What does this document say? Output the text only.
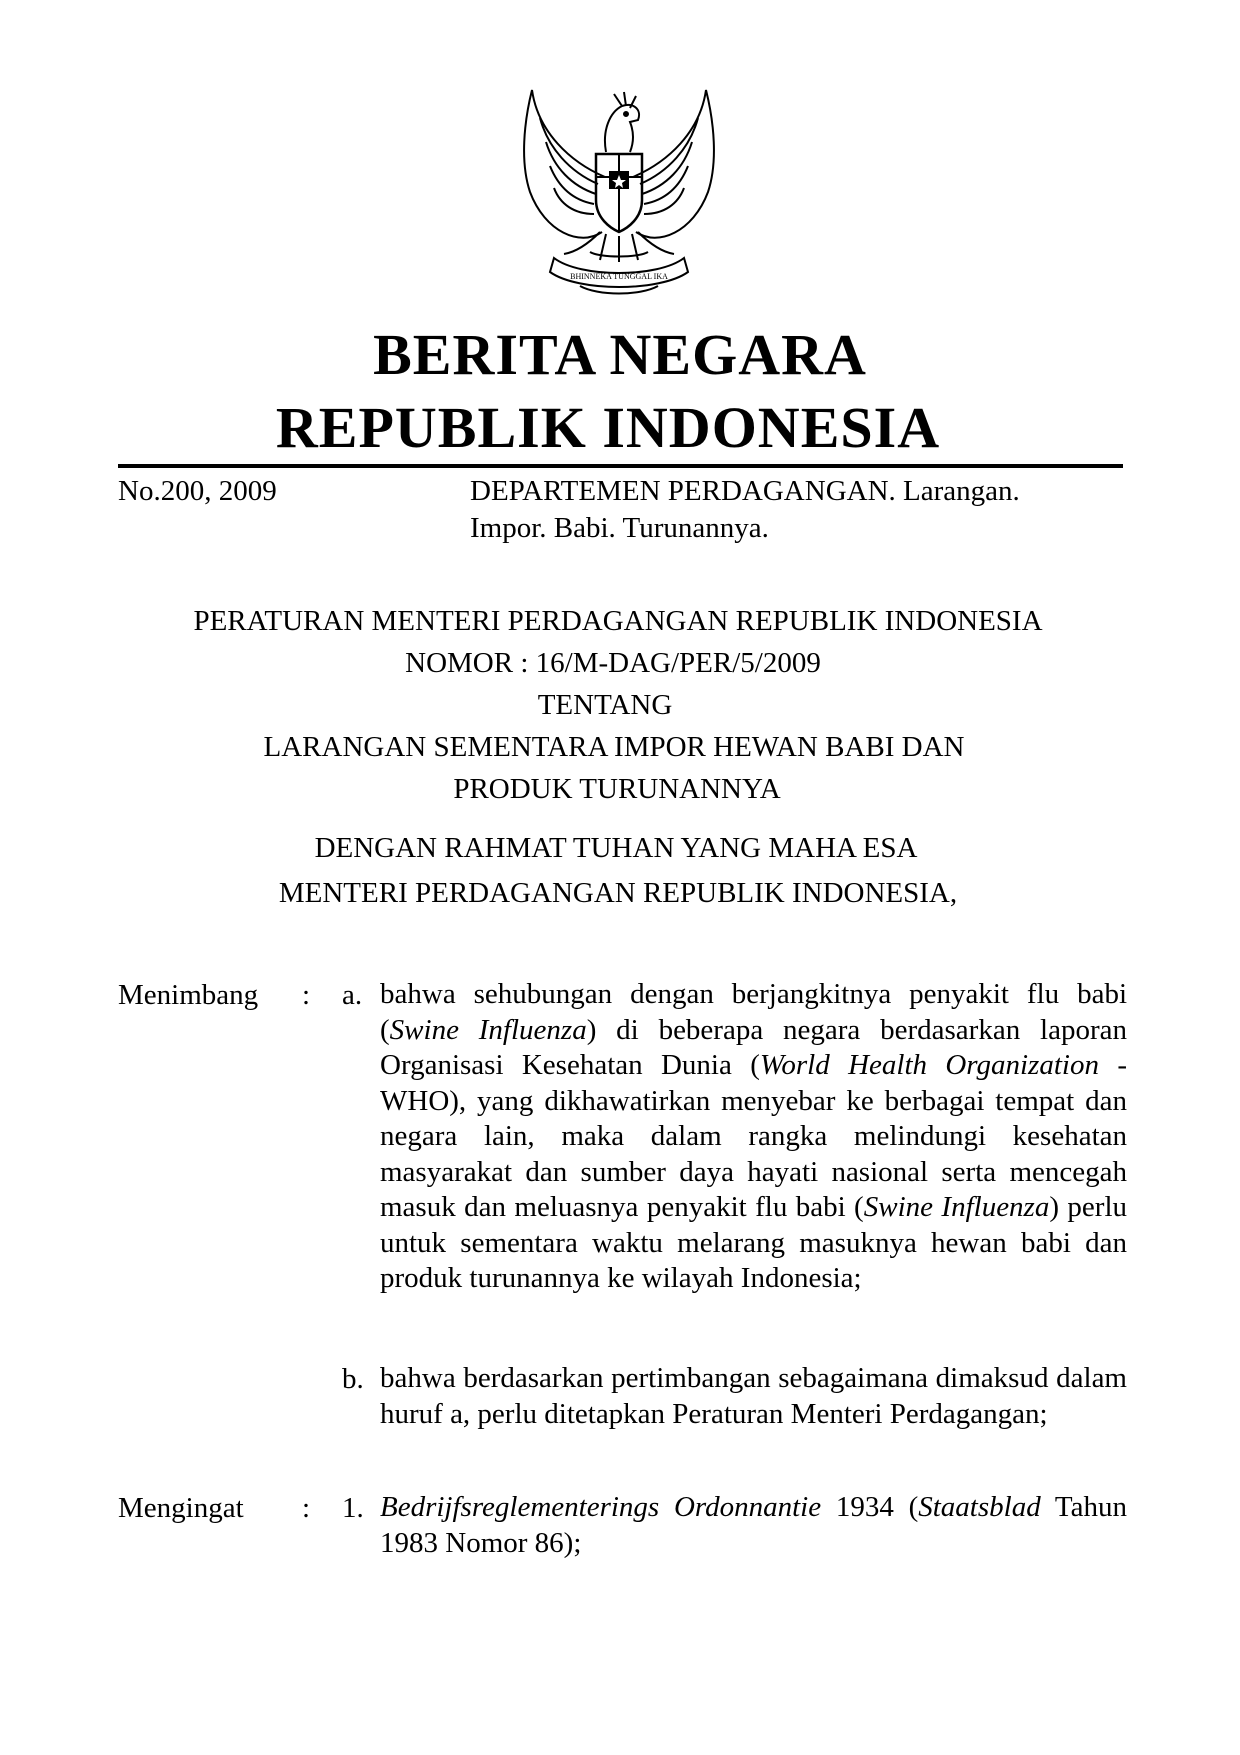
BHINNEKA TUNGGAL IKA
BERITA NEGARA
REPUBLIK INDONESIA
No.200, 2009	DEPARTEMEN PERDAGANGAN. Larangan.
Impor. Babi. Turunannya.
PERATURAN MENTERI PERDAGANGAN REPUBLIK INDONESIA
NOMOR : 16/M-DAG/PER/5/2009
TENTANG
LARANGAN SEMENTARA IMPOR HEWAN BABI DAN
PRODUK TURUNANNYA
DENGAN RAHMAT TUHAN YANG MAHA ESA
MENTERI PERDAGANGAN REPUBLIK INDONESIA,
Menimbang : a. bahwa sehubungan dengan berjangkitnya penyakit flu babi (Swine Influenza) di beberapa negara berdasarkan laporan Organisasi Kesehatan Dunia (World Health Organization - WHO), yang dikhawatirkan menyebar ke berbagai tempat dan negara lain, maka dalam rangka melindungi kesehatan masyarakat dan sumber daya hayati nasional serta mencegah masuk dan meluasnya penyakit flu babi (Swine Influenza) perlu untuk sementara waktu melarang masuknya hewan babi dan produk turunannya ke wilayah Indonesia;
b. bahwa berdasarkan pertimbangan sebagaimana dimaksud dalam huruf a, perlu ditetapkan Peraturan Menteri Perdagangan;
Mengingat : 1. Bedrijfsreglementerings Ordonnantie 1934 (Staatsblad Tahun 1983 Nomor 86);
